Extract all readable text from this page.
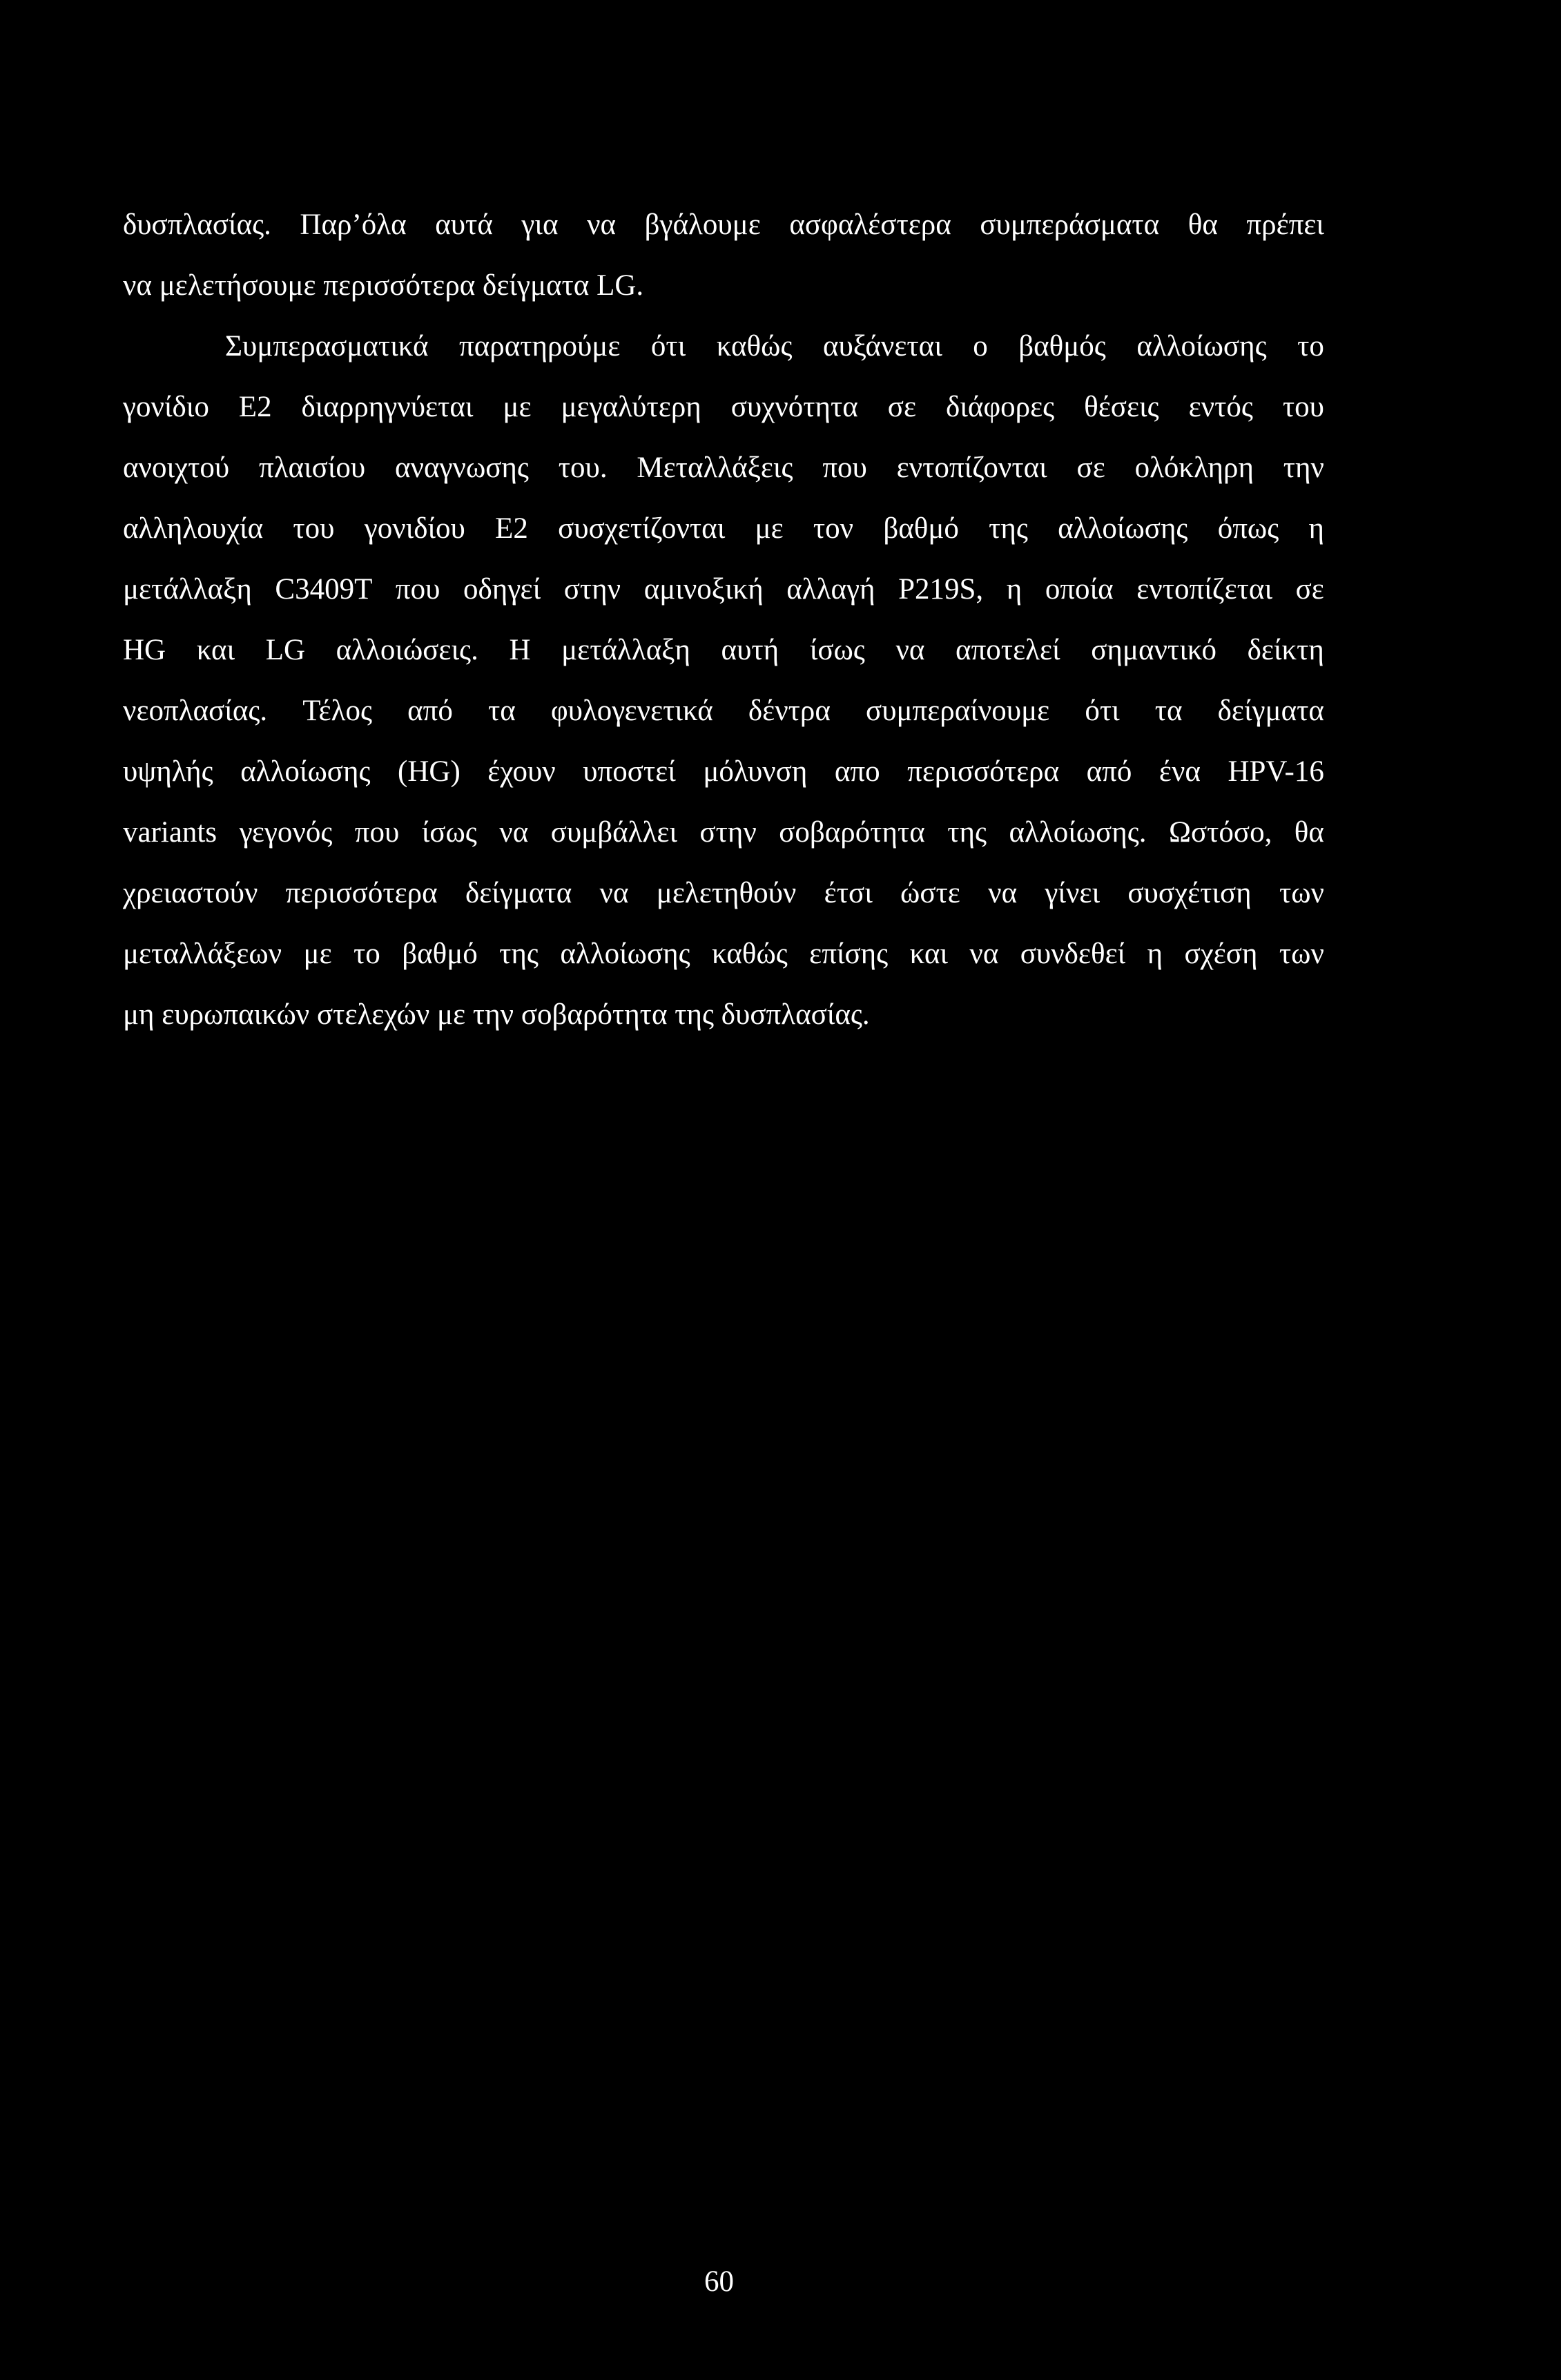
δυσπλασίας. Παρ’όλα αυτά για να βγάλουμε ασφαλέστερα συμπεράσματα θα πρέπει
να μελετήσουμε περισσότερα δείγματα LG.
Συμπερασματικά παρατηρούμε ότι καθώς αυξάνεται ο βαθμός αλλοίωσης το
γονίδιο Ε2 διαρρηγνύεται με μεγαλύτερη συχνότητα σε διάφορες θέσεις εντός του
ανοιχτού πλαισίου αναγνωσης του. Μεταλλάξεις που εντοπίζονται σε ολόκληρη την
αλληλουχία του γονιδίου Ε2 συσχετίζονται με τον βαθμό της αλλοίωσης όπως η
μετάλλαξη C3409T που οδηγεί στην αμινοξική αλλαγή P219S, η οποία εντοπίζεται σε
HG και LG αλλοιώσεις. Η μετάλλαξη αυτή ίσως να αποτελεί σημαντικό δείκτη
νεοπλασίας. Τέλος από τα φυλογενετικά δέντρα συμπεραίνουμε ότι τα δείγματα
υψηλής αλλοίωσης (HG) έχουν υποστεί μόλυνση απο περισσότερα από ένα HPV-16
variants γεγονός που ίσως να συμβάλλει στην σοβαρότητα της αλλοίωσης. Ωστόσο, θα
χρειαστούν περισσότερα δείγματα να μελετηθούν έτσι ώστε να γίνει συσχέτιση των
μεταλλάξεων με το βαθμό της αλλοίωσης καθώς επίσης και να συνδεθεί η σχέση των
μη ευρωπαικών στελεχών με την σοβαρότητα της δυσπλασίας.
60
